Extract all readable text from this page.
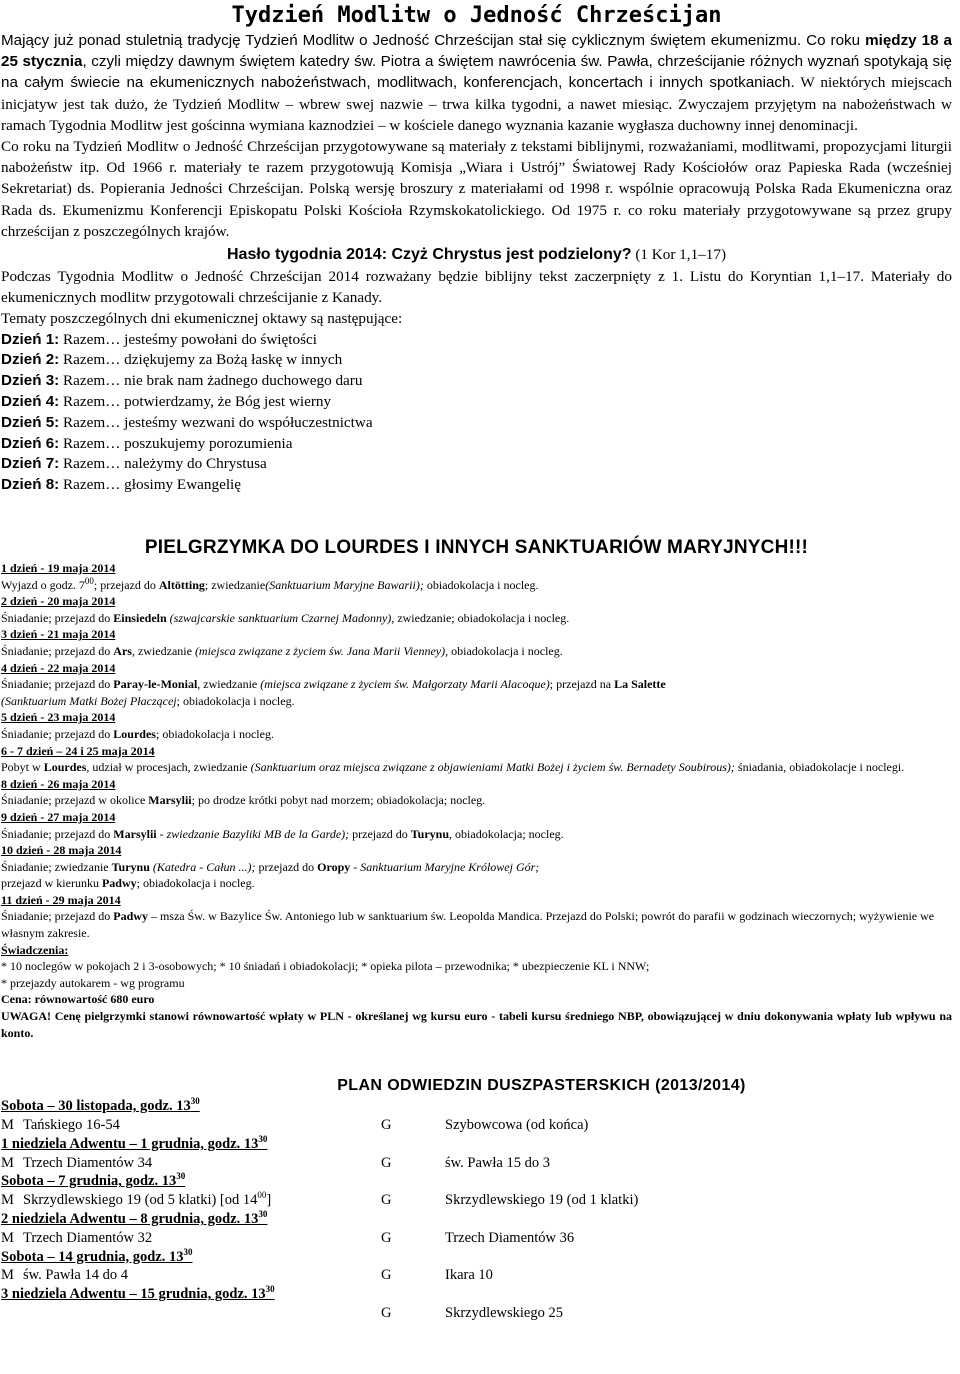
Tydzień Modlitw o Jedność Chrześcijan
Mający już ponad stuletnią tradycję Tydzień Modlitw o Jedność Chrześcijan stał się cyklicznym świętem ekumenizmu. Co roku między 18 a 25 stycznia, czyli między dawnym świętem katedry św. Piotra a świętem nawrócenia św. Pawła, chrześcijanie różnych wyznań spotykają się na całym świecie na ekumenicznych nabożeństwach, modlitwach, konferencjach, koncertach i innych spotkaniach. W niektórych miejscach inicjatyw jest tak dużo, że Tydzień Modlitw – wbrew swej nazwie – trwa kilka tygodni, a nawet miesiąc. Zwyczajem przyjętym na nabożeństwach w ramach Tygodnia Modlitw jest gościnna wymiana kaznodziei – w kościele danego wyznania kazanie wygłasza duchowny innej denominacji.
Co roku na Tydzień Modlitw o Jedność Chrześcijan przygotowywane są materiały z tekstami biblijnymi, rozważaniami, modlitwami, propozycjami liturgii nabożeństw itp. Od 1966 r. materiały te razem przygotowują Komisja „Wiara i Ustrój” Światowej Rady Kościołów oraz Papieska Rada (wcześniej Sekretariat) ds. Popierania Jedności Chrześcijan. Polską wersję broszury z materiałami od 1998 r. wspólnie opracowują Polska Rada Ekumeniczna oraz Rada ds. Ekumenizmu Konferencji Episkopatu Polski Kościoła Rzymskokatolickiego. Od 1975 r. co roku materiały przygotowywane są przez grupy chrześcijan z poszczególnych krajów.
Hasło tygodnia 2014: Czyż Chrystus jest podzielony? (1 Kor 1,1–17)
Podczas Tygodnia Modlitw o Jedność Chrześcijan 2014 rozważany będzie biblijny tekst zaczerpnięty z 1. Listu do Koryntian 1,1–17. Materiały do ekumenicznych modlitw przygotowali chrześcijanie z Kanady.
Tematy poszczególnych dni ekumenicznej oktawy są następujące:
Dzień 1: Razem… jesteśmy powołani do świętości
Dzień 2: Razem… dziękujemy za Bożą łaskę w innych
Dzień 3: Razem… nie brak nam żadnego duchowego daru
Dzień 4: Razem… potwierdzamy, że Bóg jest wierny
Dzień 5: Razem… jesteśmy wezwani do współuczestnictwa
Dzień 6: Razem… poszukujemy porozumienia
Dzień 7: Razem… należymy do Chrystusa
Dzień 8: Razem… głosimy Ewangelię
PIELGRZYMKA DO LOURDES I INNYCH SANKTUARIÓW MARYJNYCH!!!
1 dzień - 19 maja 2014
Wyjazd o godz. $7^{00}$; przejazd do Altötting; zwiedzanie(Sanktuarium Maryjne Bawarii); obiadokolacja i nocleg.
2 dzień - 20 maja 2014
Śniadanie; przejazd do Einsiedeln (szwajcarskie sanktuarium Czarnej Madonny), zwiedzanie; obiadokolacja i nocleg.
3 dzień - 21 maja 2014
Śniadanie; przejazd do Ars, zwiedzanie (miejsca związane z życiem św. Jana Marii Vienney), obiadokolacja i nocleg.
4 dzień - 22 maja 2014
Śniadanie; przejazd do Paray-le-Monial, zwiedzanie (miejsca związane z życiem św. Małgorzaty Marii Alacoque); przejazd na La Salette
(Sanktuarium Matki Bożej Płaczącej; obiadokolacja i nocleg.
5 dzień - 23 maja 2014
Śniadanie; przejazd do Lourdes; obiadokolacja i nocleg.
6 - 7 dzień – 24 i 25 maja 2014
Pobyt w Lourdes, udział w procesjach, zwiedzanie (Sanktuarium oraz miejsca związane z objawieniami Matki Bożej i życiem św. Bernadety Soubirous); śniadania, obiadokolacje i noclegi.
8 dzień - 26 maja 2014
Śniadanie; przejazd w okolice Marsylii; po drodze krótki pobyt nad morzem; obiadokolacja; nocleg.
9 dzień - 27 maja 2014
Śniadanie; przejazd do Marsylii - zwiedzanie Bazyliki MB de la Garde); przejazd do Turynu, obiadokolacja; nocleg.
10 dzień - 28 maja 2014
Śniadanie; zwiedzanie Turynu (Katedra - Całun ...); przejazd do Oropy - Sanktuarium Maryjne Królowej Gór;
przejazd w kierunku Padwy; obiadokolacja i nocleg.
11 dzień - 29 maja 2014
Śniadanie; przejazd do Padwy – msza Św. w Bazylice Św. Antoniego lub w sanktuarium św. Leopolda Mandica. Przejazd do Polski; powrót do parafii w godzinach wieczornych; wyżywienie we własnym zakresie.
Świadczenia:
* 10 noclegów w pokojach 2 i 3-osobowych; * 10 śniadań i obiadokolacji; * opieka pilota – przewodnika; * ubezpieczenie KL i NNW;
* przejazdy autokarem - wg programu
Cena: równowartość 680 euro
UWAGA! Cenę pielgrzymki stanowi równowartość wpłaty w PLN - określanej wg kursu euro - tabeli kursu średniego NBP, obowiązującej w dniu dokonywania wpłaty lub wpływu na konto.
PLAN ODWIEDZIN DUSZPASTERSKICH (2013/2014)
Sobota – 30 listopada, godz. $13^{30}$
M Tańskiego 16-54	G	Szybowcowa (od końca)
1 niedziela Adwentu – 1 grudnia, godz. $13^{30}$
M Trzech Diamentów 34	G	św. Pawła 15 do 3
Sobota – 7 grudnia, godz. $13^{30}$
M Skrzydlewskiego 19 (od 5 klatki) [od $14^{00}$]	G	Skrzydlewskiego 19 (od 1 klatki)
2 niedziela Adwentu – 8 grudnia, godz. $13^{30}$
M Trzech Diamentów 32	G	Trzech Diamentów 36
Sobota – 14 grudnia, godz. $13^{30}$
M św. Pawła 14 do 4	G	Ikara 10
3 niedziela Adwentu – 15 grudnia, godz. $13^{30}$
G	Skrzydlewskiego 25
